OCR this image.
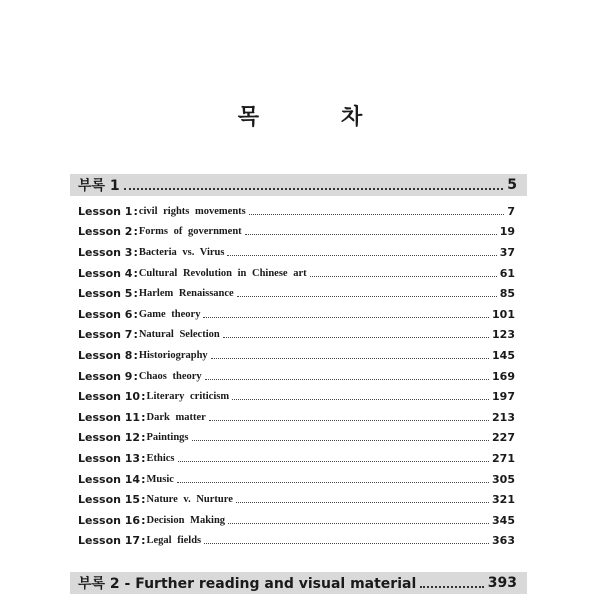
목	차
부록 1	5
Lesson 1 : civil rights movements	7
Lesson 2 : Forms of government	19
Lesson 3 : Bacteria vs. Virus	37
Lesson 4 : Cultural Revolution in Chinese art	61
Lesson 5 : Harlem Renaissance	85
Lesson 6 : Game theory	101
Lesson 7 : Natural Selection	123
Lesson 8 : Historiography	145
Lesson 9 : Chaos theory	169
Lesson 10 : Literary criticism	197
Lesson 11 : Dark matter	213
Lesson 12 : Paintings	227
Lesson 13 : Ethics	271
Lesson 14 : Music	305
Lesson 15 : Nature v. Nurture	321
Lesson 16 : Decision Making	345
Lesson 17 : Legal fields	363
부록 2 - Further reading and visual material	393
